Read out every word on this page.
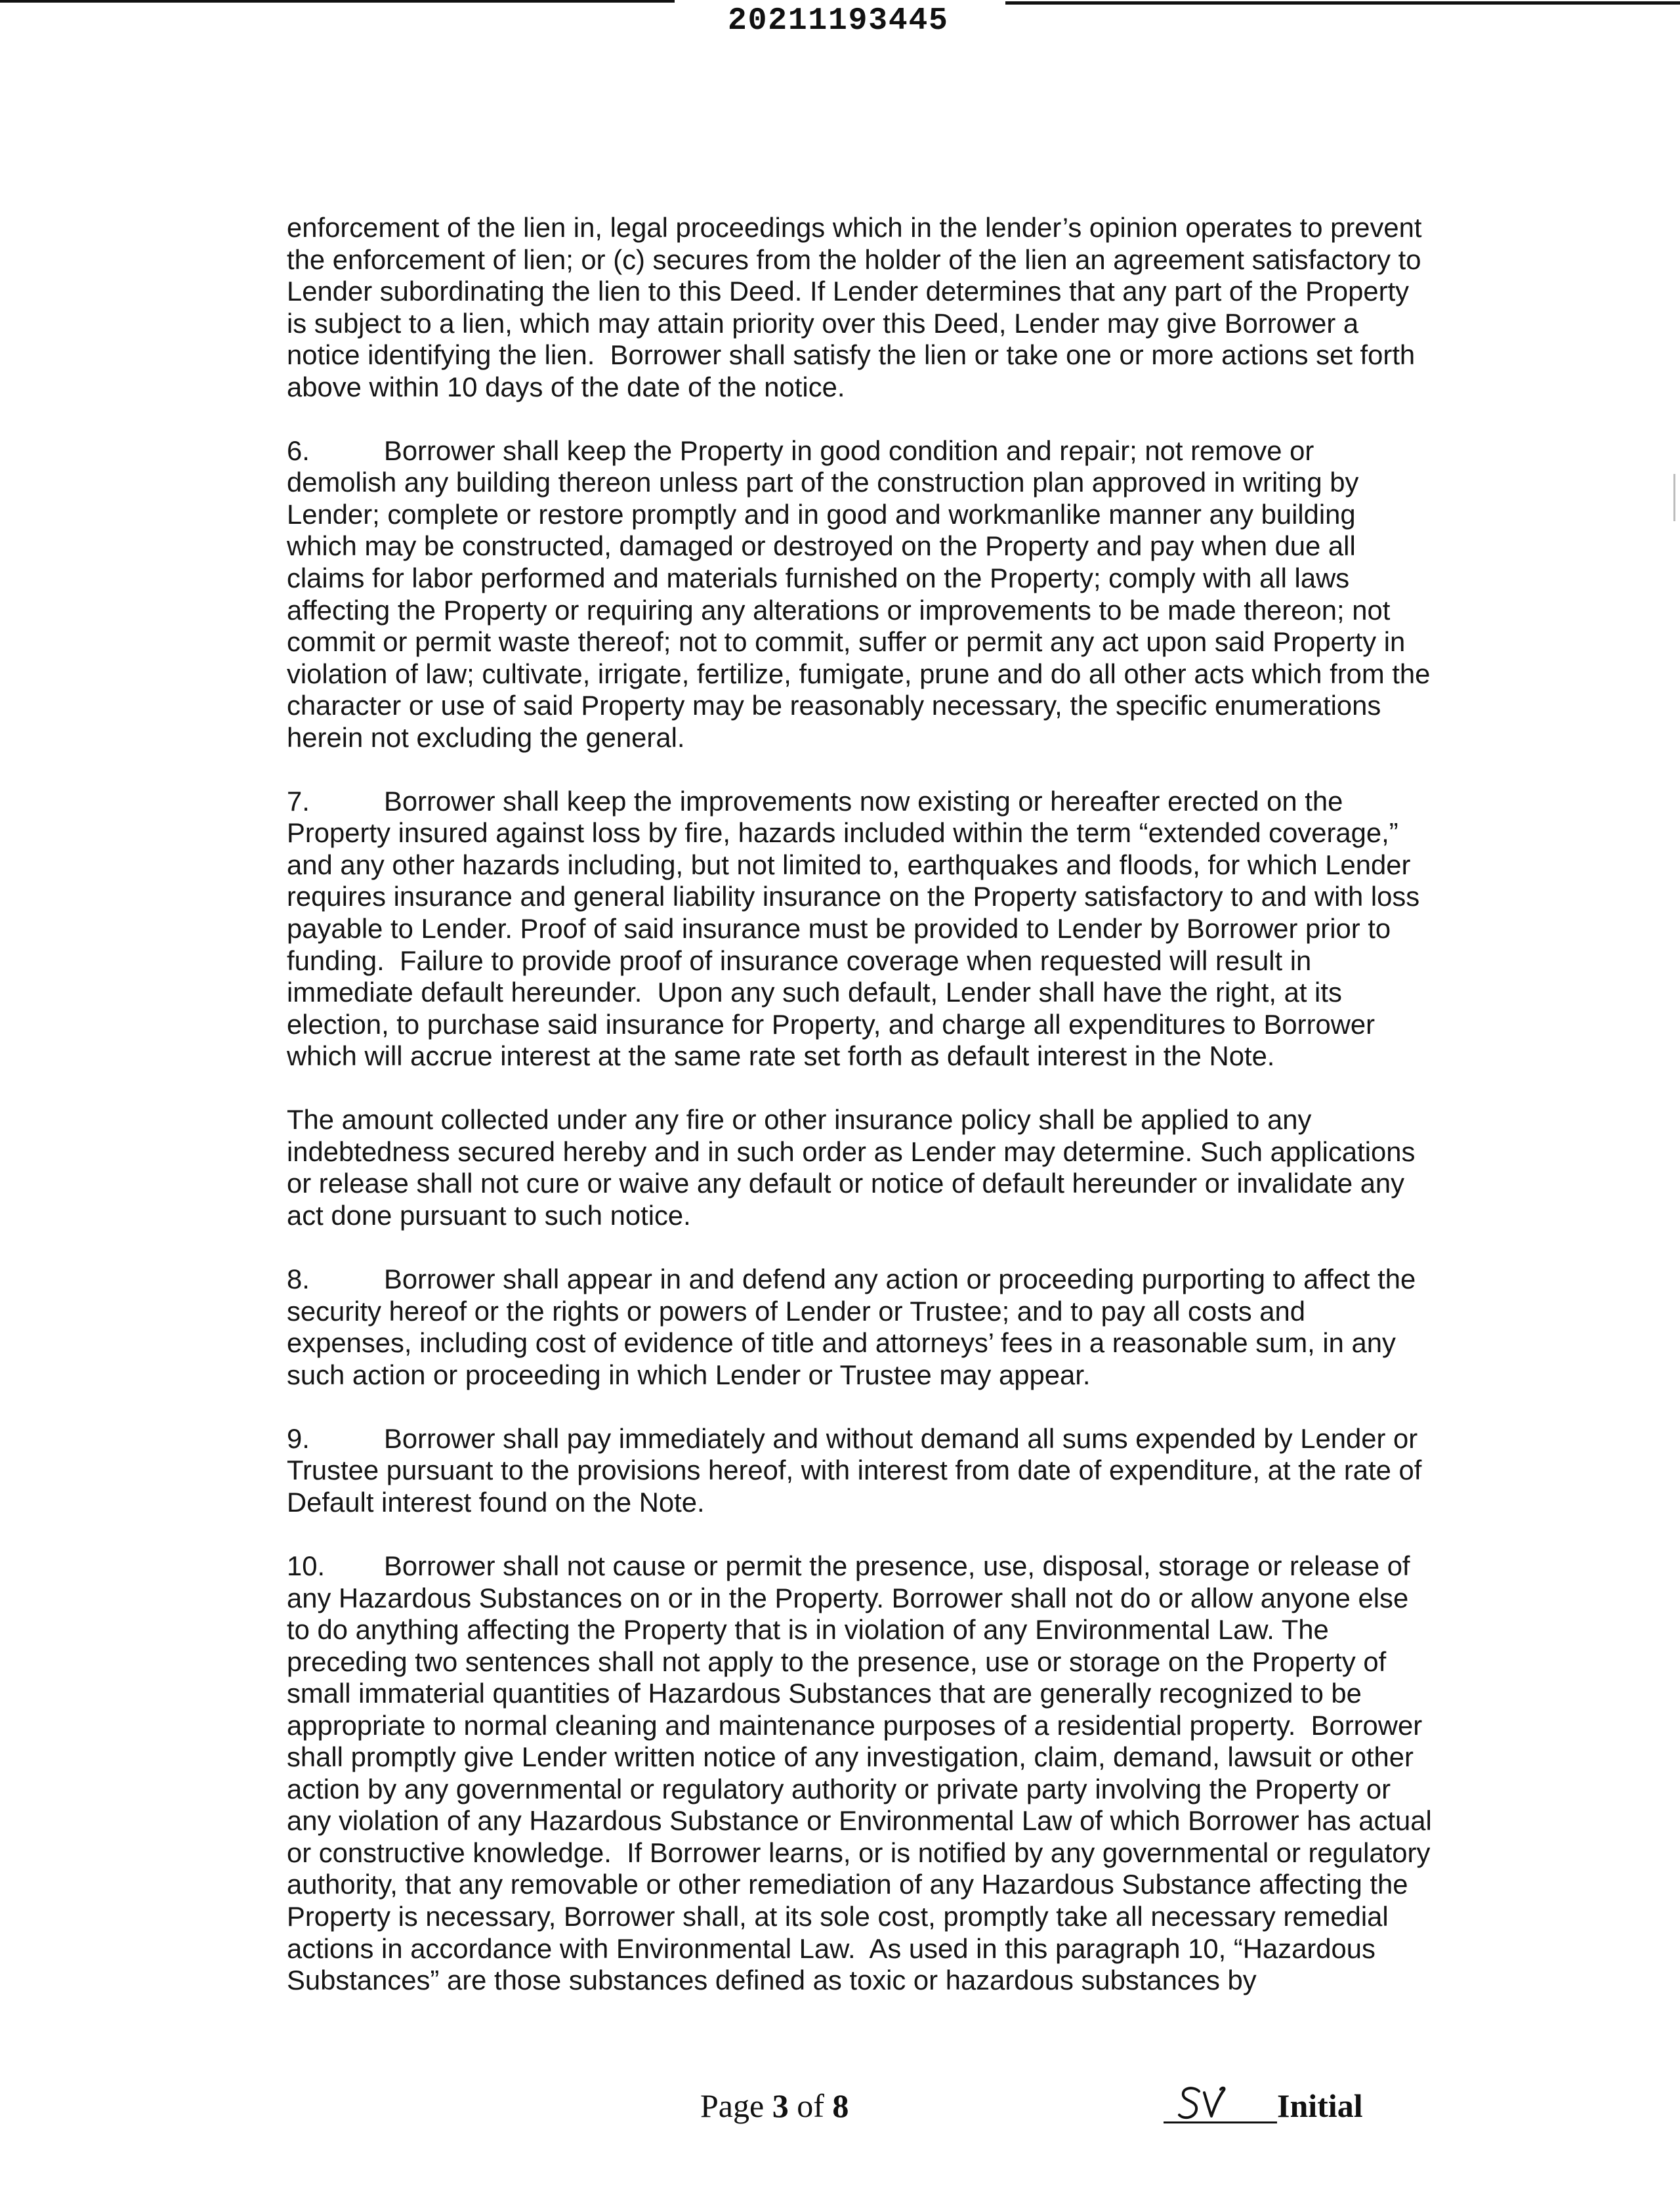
20211193445
enforcement of the lien in, legal proceedings which in the lender’s opinion operates to prevent
the enforcement of lien; or (c) secures from the holder of the lien an agreement satisfactory to
Lender subordinating the lien to this Deed. If Lender determines that any part of the Property
is subject to a lien, which may attain priority over this Deed, Lender may give Borrower a
notice identifying the lien.  Borrower shall satisfy the lien or take one or more actions set forth
above within 10 days of the date of the notice.
6.	Borrower shall keep the Property in good condition and repair; not remove or
demolish any building thereon unless part of the construction plan approved in writing by
Lender; complete or restore promptly and in good and workmanlike manner any building
which may be constructed, damaged or destroyed on the Property and pay when due all
claims for labor performed and materials furnished on the Property; comply with all laws
affecting the Property or requiring any alterations or improvements to be made thereon; not
commit or permit waste thereof; not to commit, suffer or permit any act upon said Property in
violation of law; cultivate, irrigate, fertilize, fumigate, prune and do all other acts which from the
character or use of said Property may be reasonably necessary, the specific enumerations
herein not excluding the general.
7.	Borrower shall keep the improvements now existing or hereafter erected on the
Property insured against loss by fire, hazards included within the term “extended coverage,”
and any other hazards including, but not limited to, earthquakes and floods, for which Lender
requires insurance and general liability insurance on the Property satisfactory to and with loss
payable to Lender. Proof of said insurance must be provided to Lender by Borrower prior to
funding.  Failure to provide proof of insurance coverage when requested will result in
immediate default hereunder.  Upon any such default, Lender shall have the right, at its
election, to purchase said insurance for Property, and charge all expenditures to Borrower
which will accrue interest at the same rate set forth as default interest in the Note.
The amount collected under any fire or other insurance policy shall be applied to any
indebtedness secured hereby and in such order as Lender may determine. Such applications
or release shall not cure or waive any default or notice of default hereunder or invalidate any
act done pursuant to such notice.
8.	Borrower shall appear in and defend any action or proceeding purporting to affect the
security hereof or the rights or powers of Lender or Trustee; and to pay all costs and
expenses, including cost of evidence of title and attorneys’ fees in a reasonable sum, in any
such action or proceeding in which Lender or Trustee may appear.
9.	Borrower shall pay immediately and without demand all sums expended by Lender or
Trustee pursuant to the provisions hereof, with interest from date of expenditure, at the rate of
Default interest found on the Note.
10. Borrower shall not cause or permit the presence, use, disposal, storage or release of
any Hazardous Substances on or in the Property. Borrower shall not do or allow anyone else
to do anything affecting the Property that is in violation of any Environmental Law. The
preceding two sentences shall not apply to the presence, use or storage on the Property of
small immaterial quantities of Hazardous Substances that are generally recognized to be
appropriate to normal cleaning and maintenance purposes of a residential property.  Borrower
shall promptly give Lender written notice of any investigation, claim, demand, lawsuit or other
action by any governmental or regulatory authority or private party involving the Property or
any violation of any Hazardous Substance or Environmental Law of which Borrower has actual
or constructive knowledge.  If Borrower learns, or is notified by any governmental or regulatory
authority, that any removable or other remediation of any Hazardous Substance affecting the
Property is necessary, Borrower shall, at its sole cost, promptly take all necessary remedial
actions in accordance with Environmental Law.  As used in this paragraph 10, “Hazardous
Substances” are those substances defined as toxic or hazardous substances by
Page 3 of 8	Initial
